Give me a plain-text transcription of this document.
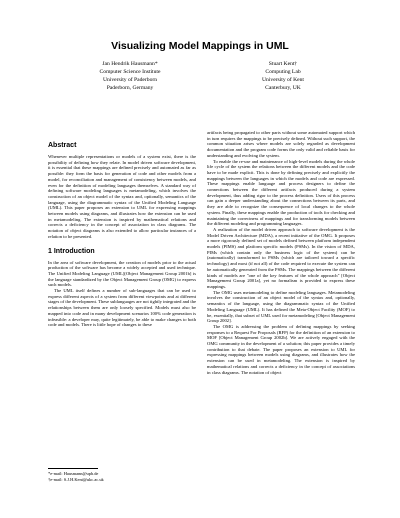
Visualizing Model Mappings in UML
Jan Hendrik Hausmann*
Computer Science Institute
University of Paderborn
Paderborn, Germany
Stuart Kent†
Computing Lab
University of Kent
Canterbury, UK
Abstract

Whenever multiple representations or models of a system exist, there is the possibility of defining how they relate. In model driven software development, it is essential that these mappings are defined precisely and automated as far as possible: they form the basis for generation of code and other models from a model, for reconciliation and management of consistency between models, and even for the definition of modeling languages themselves. A standard way of defining software modeling languages is metamodeling, which involves the construction of an object model of the syntax and, optionally, semantics of the language, using the diagrammatic syntax of the Unified Modeling Language (UML). This paper proposes an extension to UML for expressing mappings between models using diagrams, and illustrates how the extension can be used in metamodeling. The extension is inspired by mathematical relations and corrects a deficiency in the concept of association in class diagrams. The notation of object diagrams is also extended to allow particular instances of a relation to be presented.

1 Introduction

In the area of software development, the creation of models prior to the actual production of the software has become a widely accepted and used technique. The Unified Modeling Language (UML)[Object Management Group 2001b] is the language standardized by the Object Management Group (OMG) to express such models.

The UML itself defines a number of sub-languages that can be used to express different aspects of a system from different viewpoints and at different stages of the development. These sublanguages are not tightly integrated and the relationships between them are only loosely specified. Models must also be mapped into code and in many development scenarios 100% code generation is infeasible: a developer may, quite legitimately, be able to make changes to both code and models. There is little hope of changes to these

artifacts being propagated to other parts without some automated support which in turn requires the mappings to be precisely defined. Without such support, the common situation arises where models are solely regarded as development documentation and the program code forms the only valid and reliable basis for understanding and evolving the system.

To enable the re-use and maintenance of high-level models during the whole life cycle of the system the relations between the different models and the code have to be made explicit. This is done by defining precisely and explicitly the mappings between the languages in which the models and code are expressed. These mappings enable language and process designers to define the connections between the different artifacts produced during a system development, thus adding rigor to the process definition. Users of this process can gain a deeper understanding about the connections between its parts, and they are able to recognize the consequence of local changes to the whole system. Finally, these mappings enable the production of tools for checking and maintaining the correctness of mappings and for transforming models between the different modeling and programming languages.

A realization of the model driven approach to software development is the Model Driven Architecture (MDA), a recent initiative of the OMG. It proposes a more rigorously defined set of models defined between platform independent models (PIMS) and platform specific models (PSMs). In the vision of MDA, PIMs (which contain only the business logic of the system) can be (automatically) transformed to PSMs (which are tailored toward a specific technology) and most (if not all) of the code required to execute the system can be automatically generated from the PSMs. The mappings between the different kinds of models are "one of the key features of the whole approach" [Object Management Group 2001a], yet no formalism is provided to express these mappings.

The OMG uses metamodeling to define modeling languages. Metamodeling involves the construction of an object model of the syntax and, optionally, semantics of the language, using the diagrammatic syntax of the Unified Modeling Language (UML). It has defined the Meta-Object Facility (MOF) to be, essentially, that subset of UML used for metamodeling [Object Management Group 2002].

The OMG is addressing the problem of defining mappings by seeking responses to a Request For Proposals (RFP) for the definition of an extension to MOF [Object Management Group 2002b]. We are actively engaged with the OMG community in the development of a solution; this paper provides a timely contribution to that debate. The paper proposes an extension to UML for expressing mappings between models using diagrams, and illustrates how the extension can be used in metamodeling. The extension is inspired by mathematical relations and corrects a deficiency in the concept of associations in class diagrams. The notation of object

*e-mail: Hausmann@upb.de
†e-mail: S.J.H.Kent@ukc.ac.uk
